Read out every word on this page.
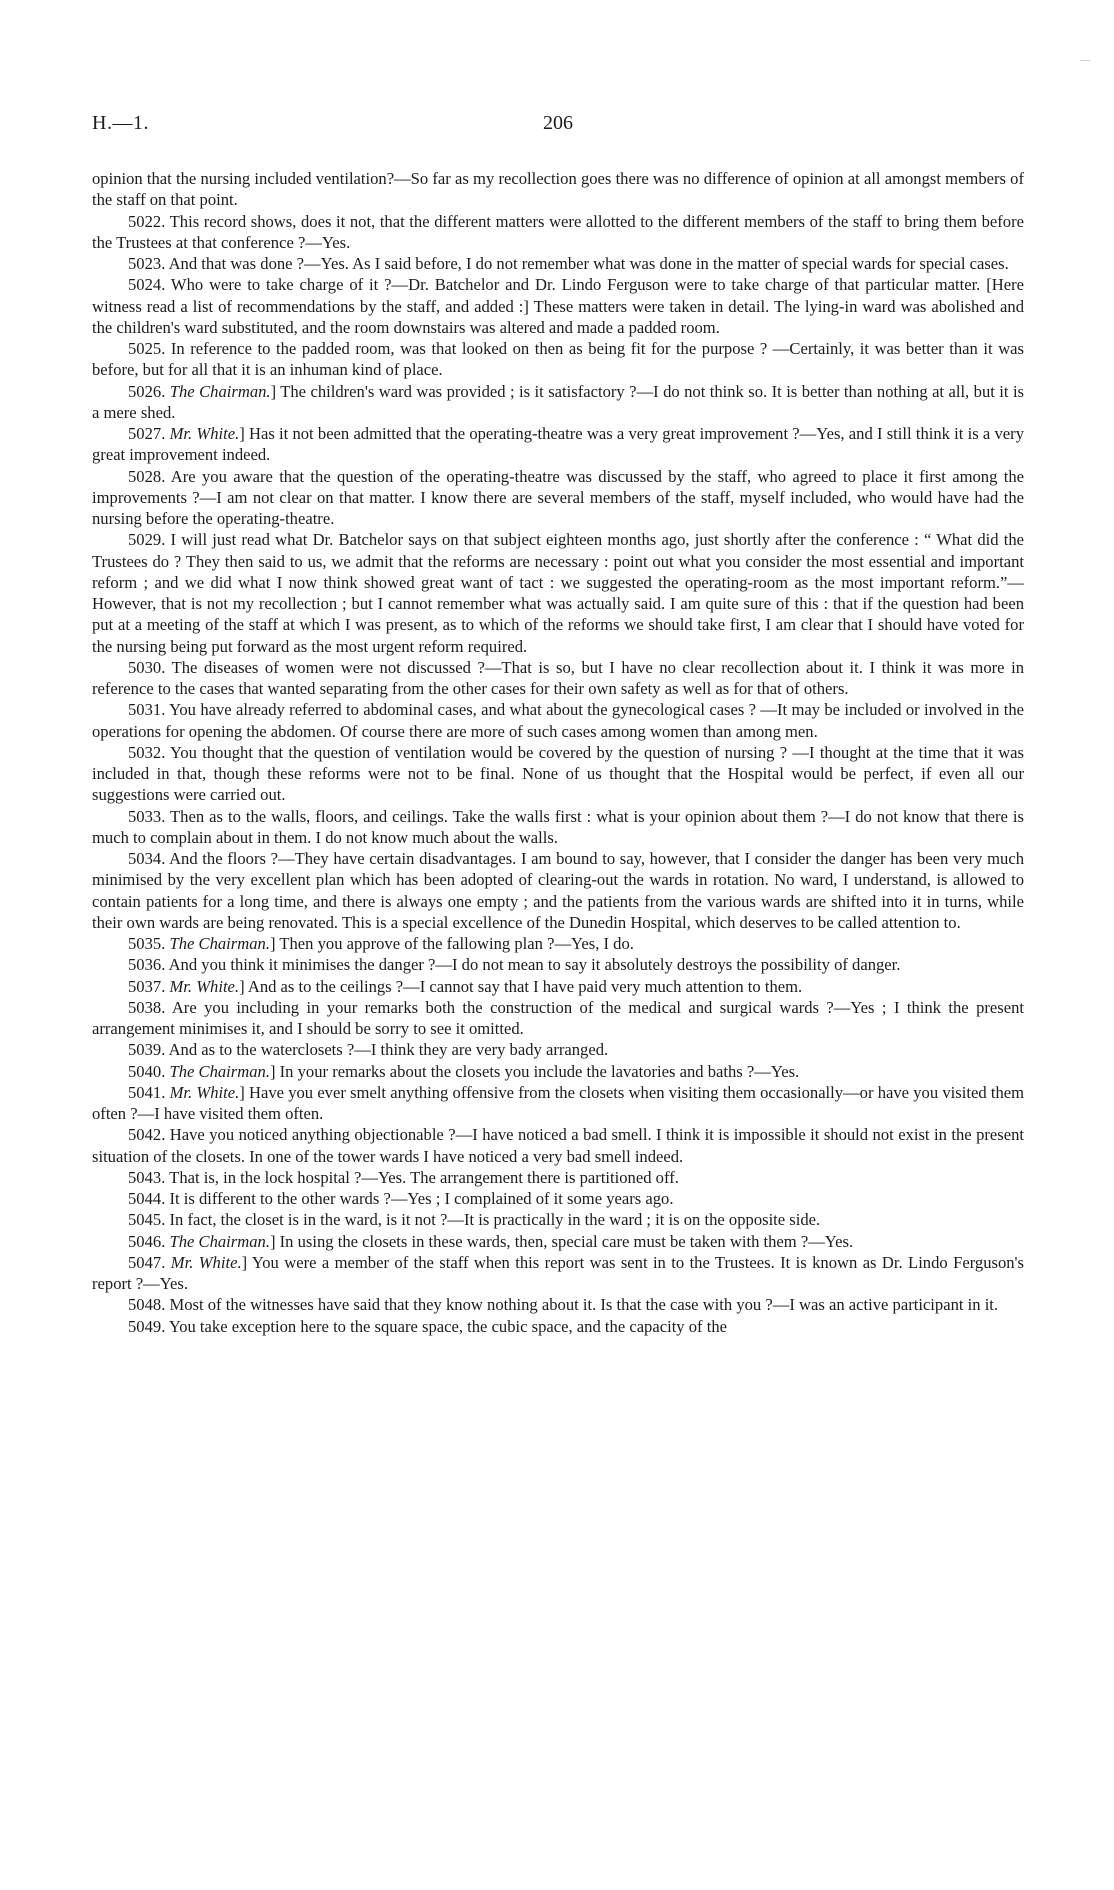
H.—1.	206

opinion that the nursing included ventilation?—So far as my recollection goes there was no difference of opinion at all amongst members of the staff on that point.

5022. This record shows, does it not, that the different matters were allotted to the different members of the staff to bring them before the Trustees at that conference ?—Yes.

5023. And that was done ?—Yes. As I said before, I do not remember what was done in the matter of special wards for special cases.

5024. Who were to take charge of it ?—Dr. Batchelor and Dr. Lindo Ferguson were to take charge of that particular matter. [Here witness read a list of recommendations by the staff, and added :] These matters were taken in detail. The lying-in ward was abolished and the children's ward substituted, and the room downstairs was altered and made a padded room.

5025. In reference to the padded room, was that looked on then as being fit for the purpose ? —Certainly, it was better than it was before, but for all that it is an inhuman kind of place.

5026. The Chairman.] The children's ward was provided ; is it satisfactory ?—I do not think so. It is better than nothing at all, but it is a mere shed.

5027. Mr. White.] Has it not been admitted that the operating-theatre was a very great improvement ?—Yes, and I still think it is a very great improvement indeed.

5028. Are you aware that the question of the operating-theatre was discussed by the staff, who agreed to place it first among the improvements ?—I am not clear on that matter. I know there are several members of the staff, myself included, who would have had the nursing before the operating-theatre.

5029. I will just read what Dr. Batchelor says on that subject eighteen months ago, just shortly after the conference : “ What did the Trustees do ? They then said to us, we admit that the reforms are necessary : point out what you consider the most essential and important reform ; and we did what I now think showed great want of tact : we suggested the operating-room as the most important reform.”—However, that is not my recollection ; but I cannot remember what was actually said. I am quite sure of this : that if the question had been put at a meeting of the staff at which I was present, as to which of the reforms we should take first, I am clear that I should have voted for the nursing being put forward as the most urgent reform required.

5030. The diseases of women were not discussed ?—That is so, but I have no clear recollection about it. I think it was more in reference to the cases that wanted separating from the other cases for their own safety as well as for that of others.

5031. You have already referred to abdominal cases, and what about the gynecological cases ? —It may be included or involved in the operations for opening the abdomen. Of course there are more of such cases among women than among men.

5032. You thought that the question of ventilation would be covered by the question of nursing ? —I thought at the time that it was included in that, though these reforms were not to be final. None of us thought that the Hospital would be perfect, if even all our suggestions were carried out.

5033. Then as to the walls, floors, and ceilings. Take the walls first : what is your opinion about them ?—I do not know that there is much to complain about in them. I do not know much about the walls.

5034. And the floors ?—They have certain disadvantages. I am bound to say, however, that I consider the danger has been very much minimised by the very excellent plan which has been adopted of clearing-out the wards in rotation. No ward, I understand, is allowed to contain patients for a long time, and there is always one empty ; and the patients from the various wards are shifted into it in turns, while their own wards are being renovated. This is a special excellence of the Dunedin Hospital, which deserves to be called attention to.

5035. The Chairman.] Then you approve of the fallowing plan ?—Yes, I do.

5036. And you think it minimises the danger ?—I do not mean to say it absolutely destroys the possibility of danger.

5037. Mr. White.] And as to the ceilings ?—I cannot say that I have paid very much attention to them.

5038. Are you including in your remarks both the construction of the medical and surgical wards ?—Yes ; I think the present arrangement minimises it, and I should be sorry to see it omitted.

5039. And as to the waterclosets ?—I think they are very bady arranged.

5040. The Chairman.] In your remarks about the closets you include the lavatories and baths ?—Yes.

5041. Mr. White.] Have you ever smelt anything offensive from the closets when visiting them occasionally—or have you visited them often ?—I have visited them often.

5042. Have you noticed anything objectionable ?—I have noticed a bad smell. I think it is impossible it should not exist in the present situation of the closets. In one of the tower wards I have noticed a very bad smell indeed.

5043. That is, in the lock hospital ?—Yes. The arrangement there is partitioned off.

5044. It is different to the other wards ?—Yes ; I complained of it some years ago.

5045. In fact, the closet is in the ward, is it not ?—It is practically in the ward ; it is on the opposite side.

5046. The Chairman.] In using the closets in these wards, then, special care must be taken with them ?—Yes.

5047. Mr. White.] You were a member of the staff when this report was sent in to the Trustees. It is known as Dr. Lindo Ferguson's report ?—Yes.

5048. Most of the witnesses have said that they know nothing about it. Is that the case with you ?—I was an active participant in it.

5049. You take exception here to the square space, the cubic space, and the capacity of the
